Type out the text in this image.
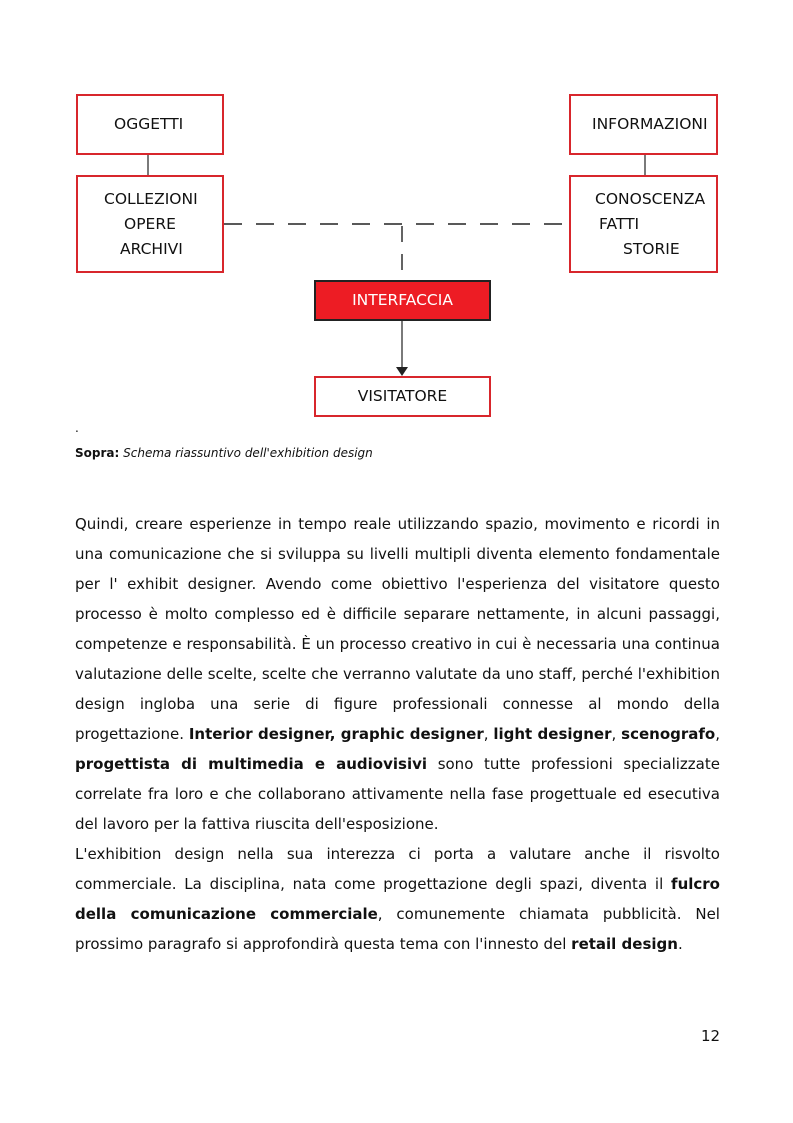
OGGETTI
COLLEZIONI
OPERE
ARCHIVI
INFORMAZIONI
CONOSCENZA
FATTI
STORIE
INTERFACCIA
VISITATORE
.
Sopra: Schema riassuntivo dell'exhibition design

Quindi, creare esperienze in tempo reale utilizzando spazio, movimento e ricordi in una comunicazione che si sviluppa su livelli multipli diventa elemento fondamentale per l' exhibit designer. Avendo come obiettivo l'esperienza del visitatore questo processo è molto complesso ed è difficile separare nettamente, in alcuni passaggi, competenze e responsabilità. È un processo creativo in cui è necessaria una continua valutazione delle scelte, scelte che verranno valutate da uno staff, perché l'exhibition design ingloba una serie di figure professionali connesse al mondo della progettazione. Interior designer, graphic designer, light designer, scenografo, progettista di multimedia e audiovisivi sono tutte professioni specializzate correlate fra loro e che collaborano attivamente nella fase progettuale ed esecutiva del lavoro per la fattiva riuscita dell'esposizione.

L'exhibition design nella sua interezza ci porta a valutare anche il risvolto commerciale. La disciplina, nata come progettazione degli spazi, diventa il fulcro della comunicazione commerciale, comunemente chiamata pubblicità. Nel prossimo paragrafo si approfondirà questa tema con l'innesto del retail design.

12
